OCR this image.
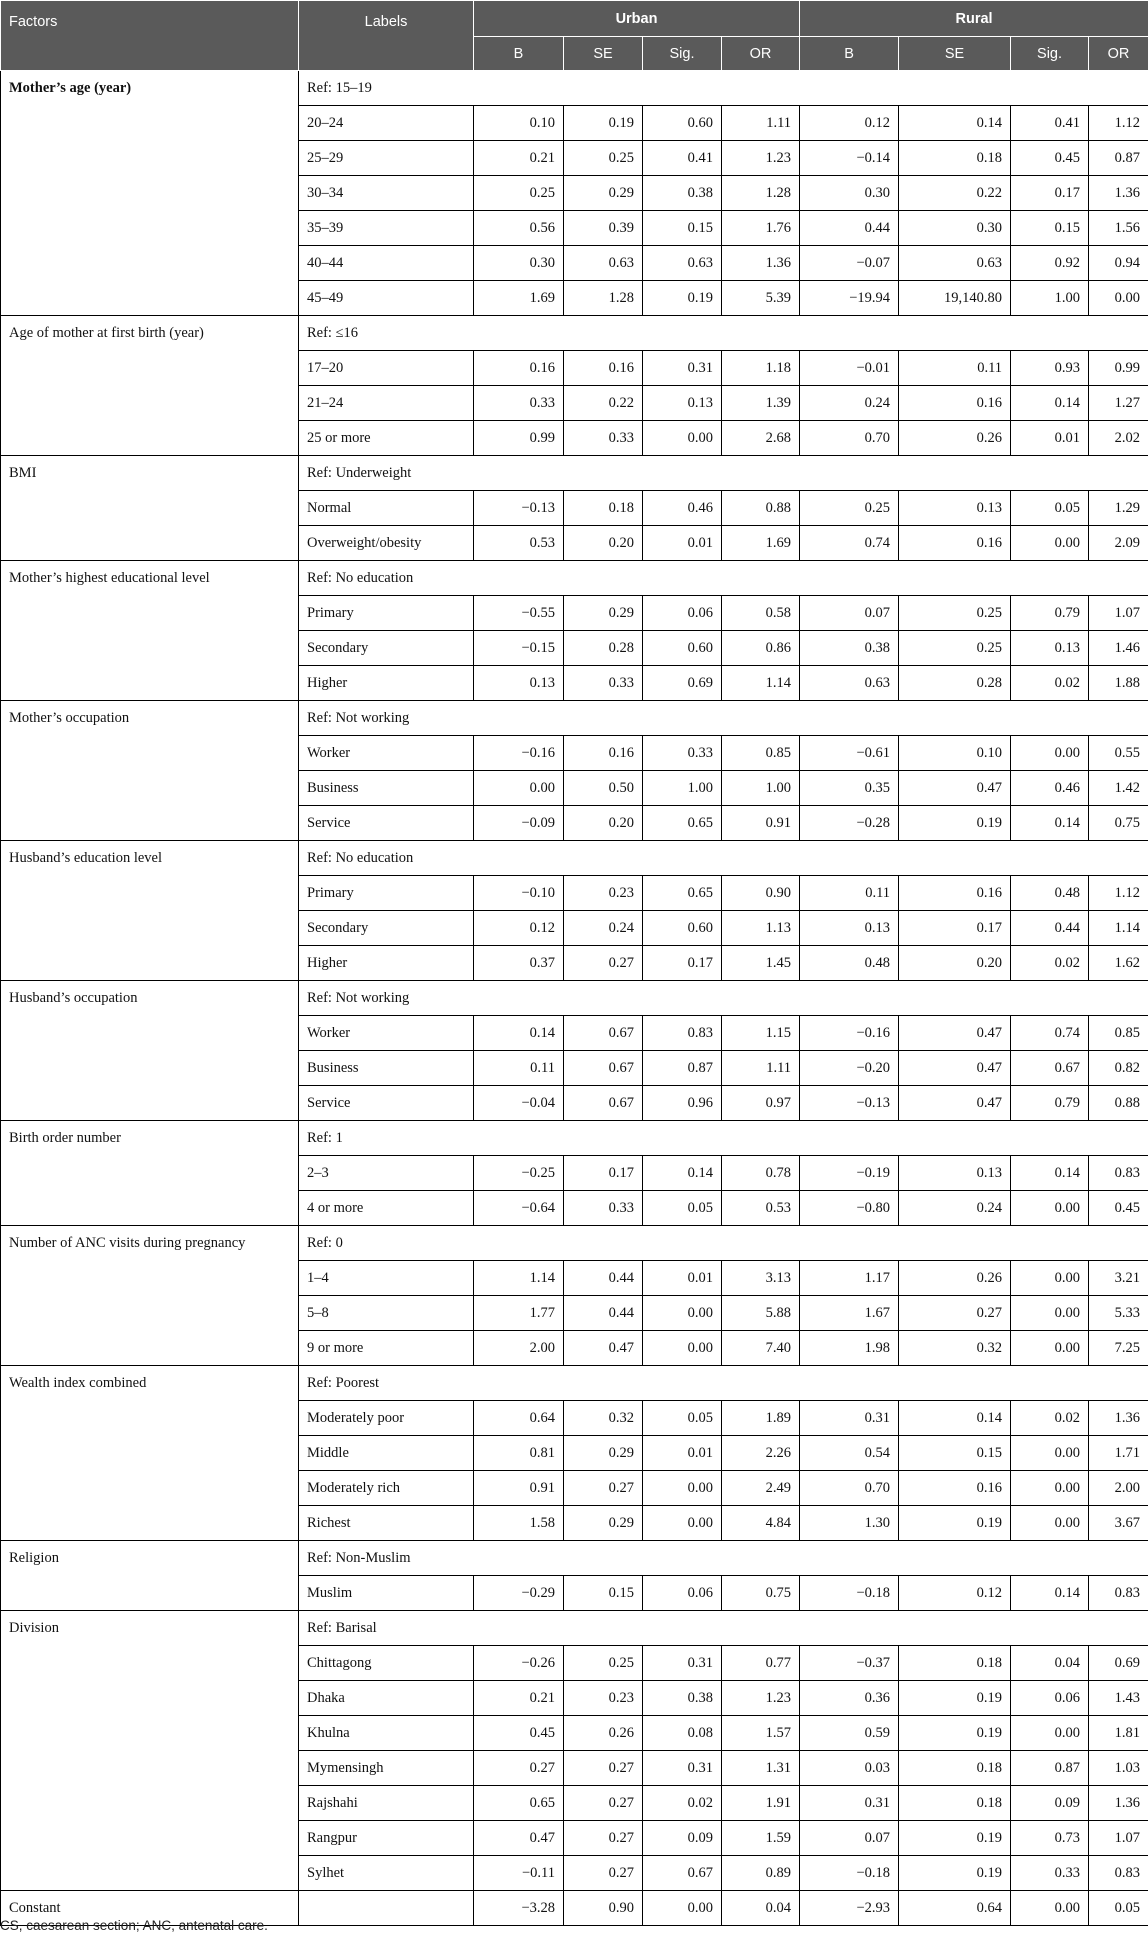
Factors	Labels	Urban				Rural			
		B	SE	Sig.	OR	B	SE	Sig.	OR
Mother’s age (year)	Ref: 15–19								
	20–24	0.10	0.19	0.60	1.11	0.12	0.14	0.41	1.12
	25–29	0.21	0.25	0.41	1.23	−0.14	0.18	0.45	0.87
	30–34	0.25	0.29	0.38	1.28	0.30	0.22	0.17	1.36
	35–39	0.56	0.39	0.15	1.76	0.44	0.30	0.15	1.56
	40–44	0.30	0.63	0.63	1.36	−0.07	0.63	0.92	0.94
	45–49	1.69	1.28	0.19	5.39	−19.94	19,140.80	1.00	0.00
Age of mother at first birth (year)	Ref: ≤16								
	17–20	0.16	0.16	0.31	1.18	−0.01	0.11	0.93	0.99
	21–24	0.33	0.22	0.13	1.39	0.24	0.16	0.14	1.27
	25 or more	0.99	0.33	0.00	2.68	0.70	0.26	0.01	2.02
BMI	Ref: Underweight								
	Normal	−0.13	0.18	0.46	0.88	0.25	0.13	0.05	1.29
	Overweight/obesity	0.53	0.20	0.01	1.69	0.74	0.16	0.00	2.09
Mother’s highest educational level	Ref: No education								
	Primary	−0.55	0.29	0.06	0.58	0.07	0.25	0.79	1.07
	Secondary	−0.15	0.28	0.60	0.86	0.38	0.25	0.13	1.46
	Higher	0.13	0.33	0.69	1.14	0.63	0.28	0.02	1.88
Mother’s occupation	Ref: Not working								
	Worker	−0.16	0.16	0.33	0.85	−0.61	0.10	0.00	0.55
	Business	0.00	0.50	1.00	1.00	0.35	0.47	0.46	1.42
	Service	−0.09	0.20	0.65	0.91	−0.28	0.19	0.14	0.75
Husband’s education level	Ref: No education								
	Primary	−0.10	0.23	0.65	0.90	0.11	0.16	0.48	1.12
	Secondary	0.12	0.24	0.60	1.13	0.13	0.17	0.44	1.14
	Higher	0.37	0.27	0.17	1.45	0.48	0.20	0.02	1.62
Husband’s occupation	Ref: Not working								
	Worker	0.14	0.67	0.83	1.15	−0.16	0.47	0.74	0.85
	Business	0.11	0.67	0.87	1.11	−0.20	0.47	0.67	0.82
	Service	−0.04	0.67	0.96	0.97	−0.13	0.47	0.79	0.88
Birth order number	Ref: 1								
	2–3	−0.25	0.17	0.14	0.78	−0.19	0.13	0.14	0.83
	4 or more	−0.64	0.33	0.05	0.53	−0.80	0.24	0.00	0.45
Number of ANC visits during pregnancy	Ref: 0								
	1–4	1.14	0.44	0.01	3.13	1.17	0.26	0.00	3.21
	5–8	1.77	0.44	0.00	5.88	1.67	0.27	0.00	5.33
	9 or more	2.00	0.47	0.00	7.40	1.98	0.32	0.00	7.25
Wealth index combined	Ref: Poorest								
	Moderately poor	0.64	0.32	0.05	1.89	0.31	0.14	0.02	1.36
	Middle	0.81	0.29	0.01	2.26	0.54	0.15	0.00	1.71
	Moderately rich	0.91	0.27	0.00	2.49	0.70	0.16	0.00	2.00
	Richest	1.58	0.29	0.00	4.84	1.30	0.19	0.00	3.67
Religion	Ref: Non-Muslim								
	Muslim	−0.29	0.15	0.06	0.75	−0.18	0.12	0.14	0.83
Division	Ref: Barisal								
	Chittagong	−0.26	0.25	0.31	0.77	−0.37	0.18	0.04	0.69
	Dhaka	0.21	0.23	0.38	1.23	0.36	0.19	0.06	1.43
	Khulna	0.45	0.26	0.08	1.57	0.59	0.19	0.00	1.81
	Mymensingh	0.27	0.27	0.31	1.31	0.03	0.18	0.87	1.03
	Rajshahi	0.65	0.27	0.02	1.91	0.31	0.18	0.09	1.36
	Rangpur	0.47	0.27	0.09	1.59	0.07	0.19	0.73	1.07
	Sylhet	−0.11	0.27	0.67	0.89	−0.18	0.19	0.33	0.83
Constant		−3.28	0.90	0.00	0.04	−2.93	0.64	0.00	0.05
CS, caesarean section; ANC, antenatal care.
